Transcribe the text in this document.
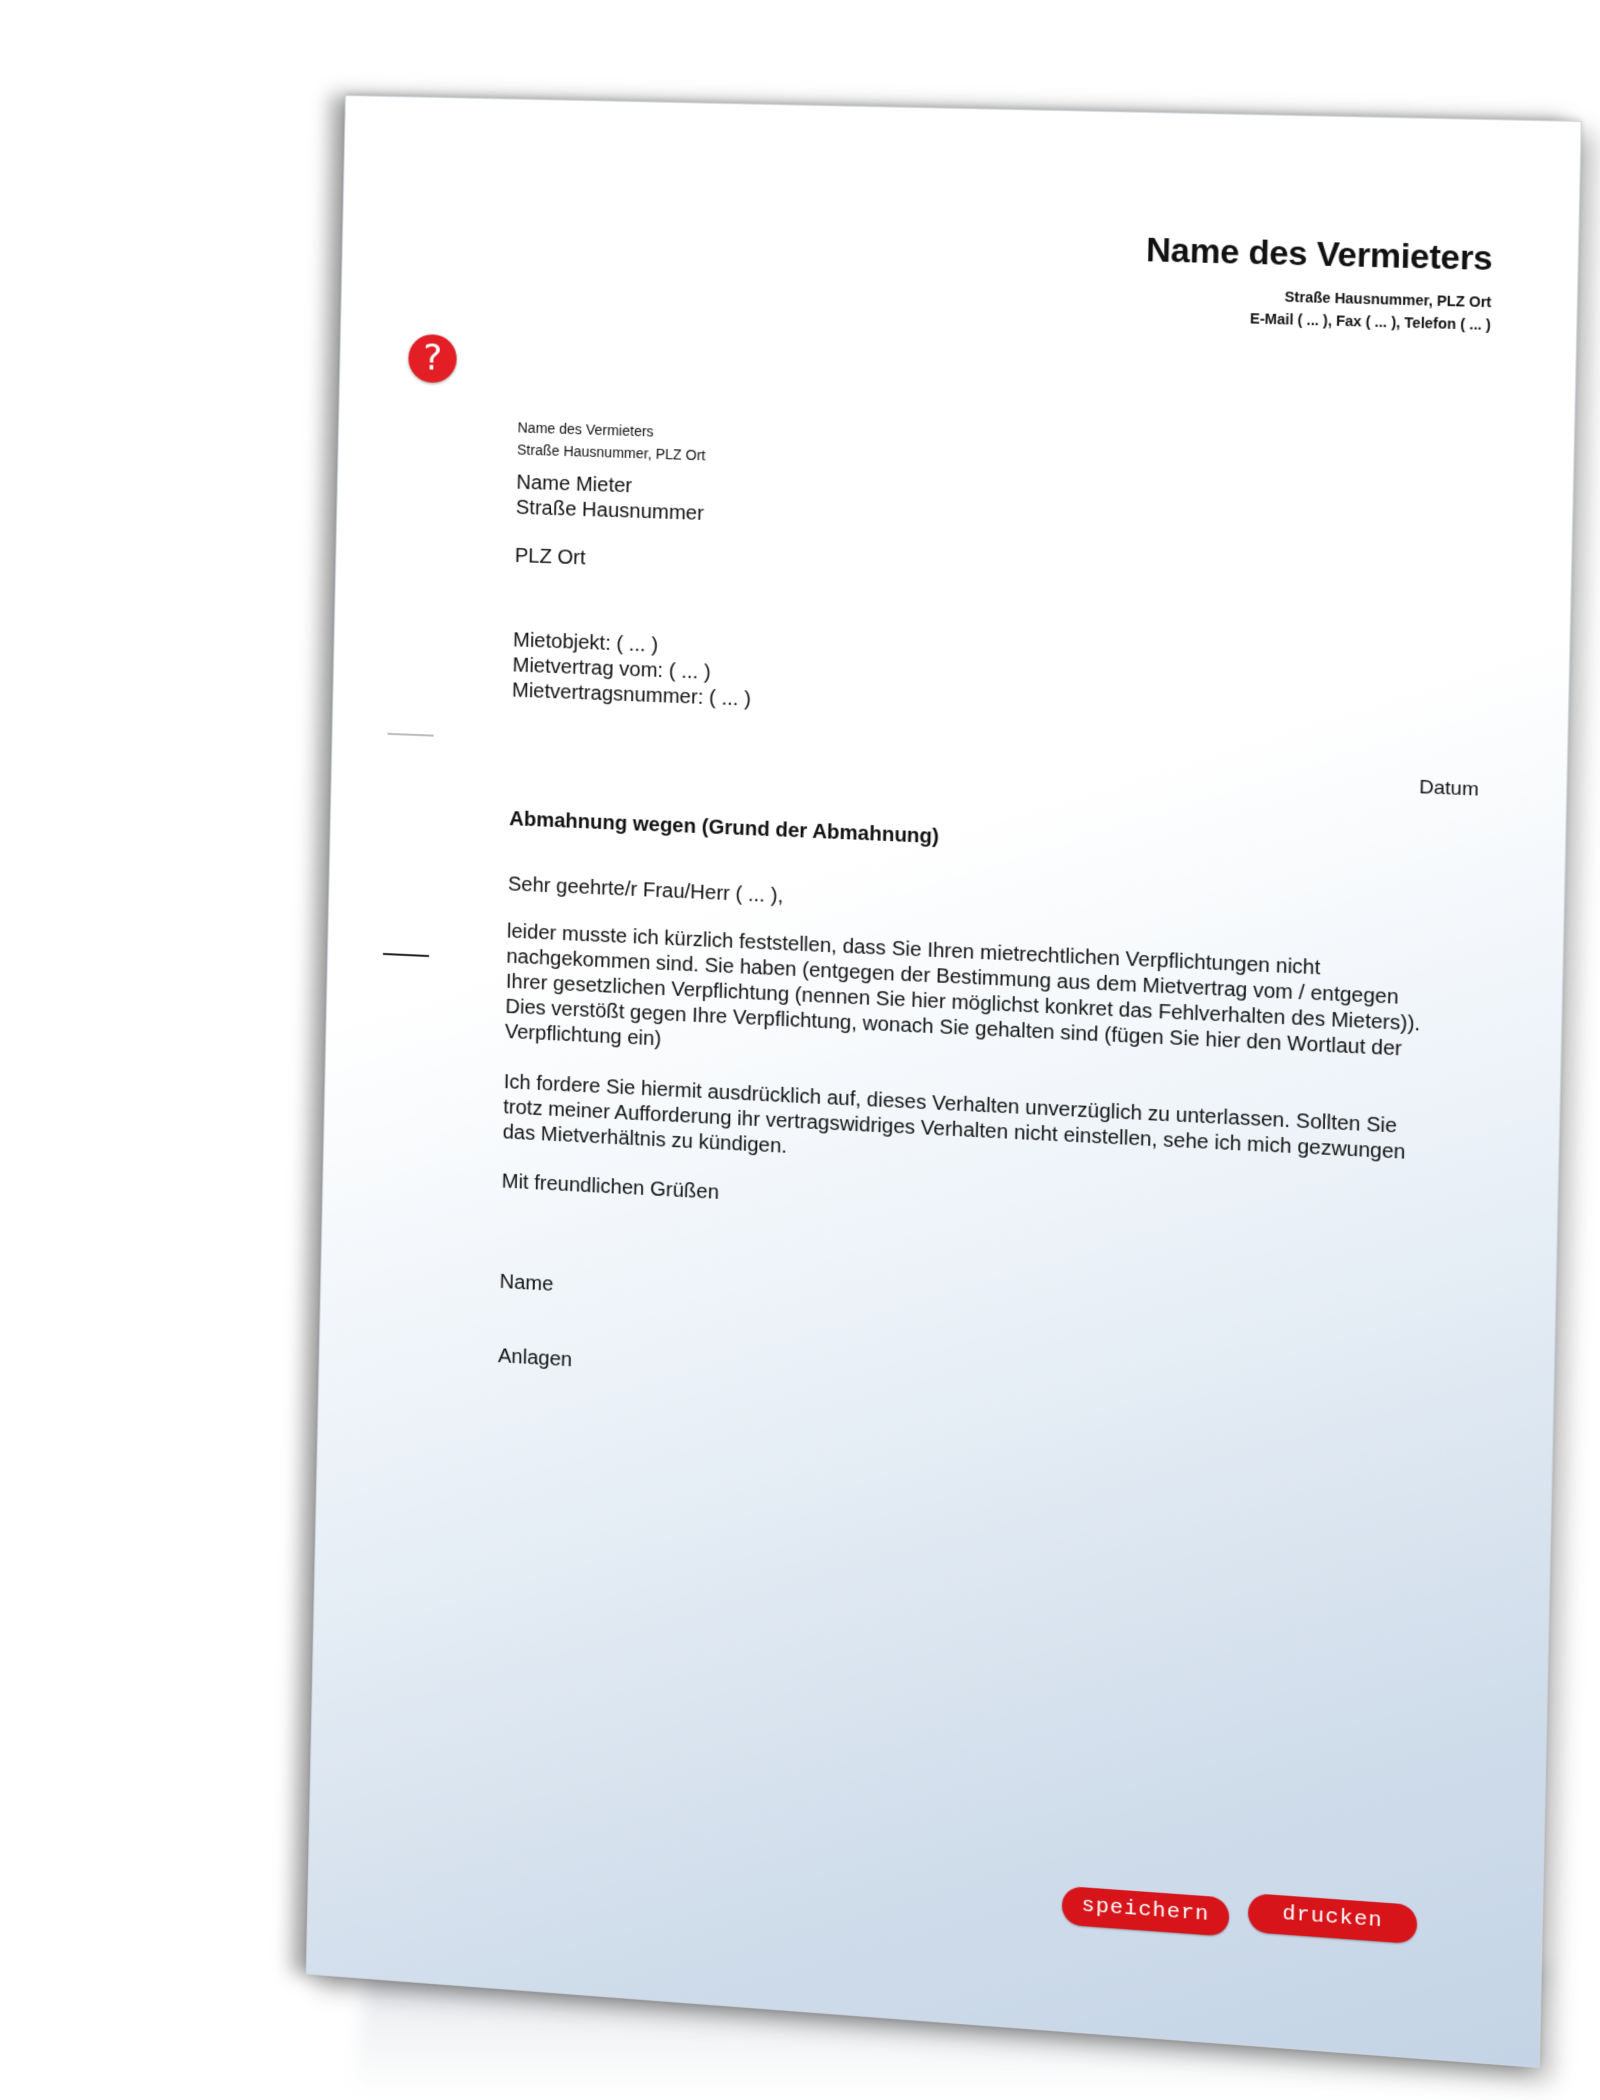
Name des Vermieters
Straße Hausnummer, PLZ Ort
E-Mail ( ... ), Fax ( ... ), Telefon ( ... )
?
Name des Vermieters
Straße Hausnummer, PLZ Ort
Name Mieter
Straße Hausnummer
PLZ Ort
Mietobjekt: ( ... )
Mietvertrag vom: ( ... )
Mietvertragsnummer: ( ... )
Datum
Abmahnung wegen (Grund der Abmahnung)
Sehr geehrte/r Frau/Herr ( ... ),
leider musste ich kürzlich feststellen, dass Sie Ihren mietrechtlichen Verpflichtungen nicht nachgekommen sind. Sie haben (entgegen der Bestimmung aus dem Mietvertrag vom / entgegen Ihrer gesetzlichen Verpflichtung (nennen Sie hier möglichst konkret das Fehlverhalten des Mieters)). Dies verstößt gegen Ihre Verpflichtung, wonach Sie gehalten sind (fügen Sie hier den Wortlaut der Verpflichtung ein)
Ich fordere Sie hiermit ausdrücklich auf, dieses Verhalten unverzüglich zu unterlassen. Sollten Sie trotz meiner Aufforderung ihr vertragswidriges Verhalten nicht einstellen, sehe ich mich gezwungen das Mietverhältnis zu kündigen.
Mit freundlichen Grüßen
Name
Anlagen
speichern	drucken
